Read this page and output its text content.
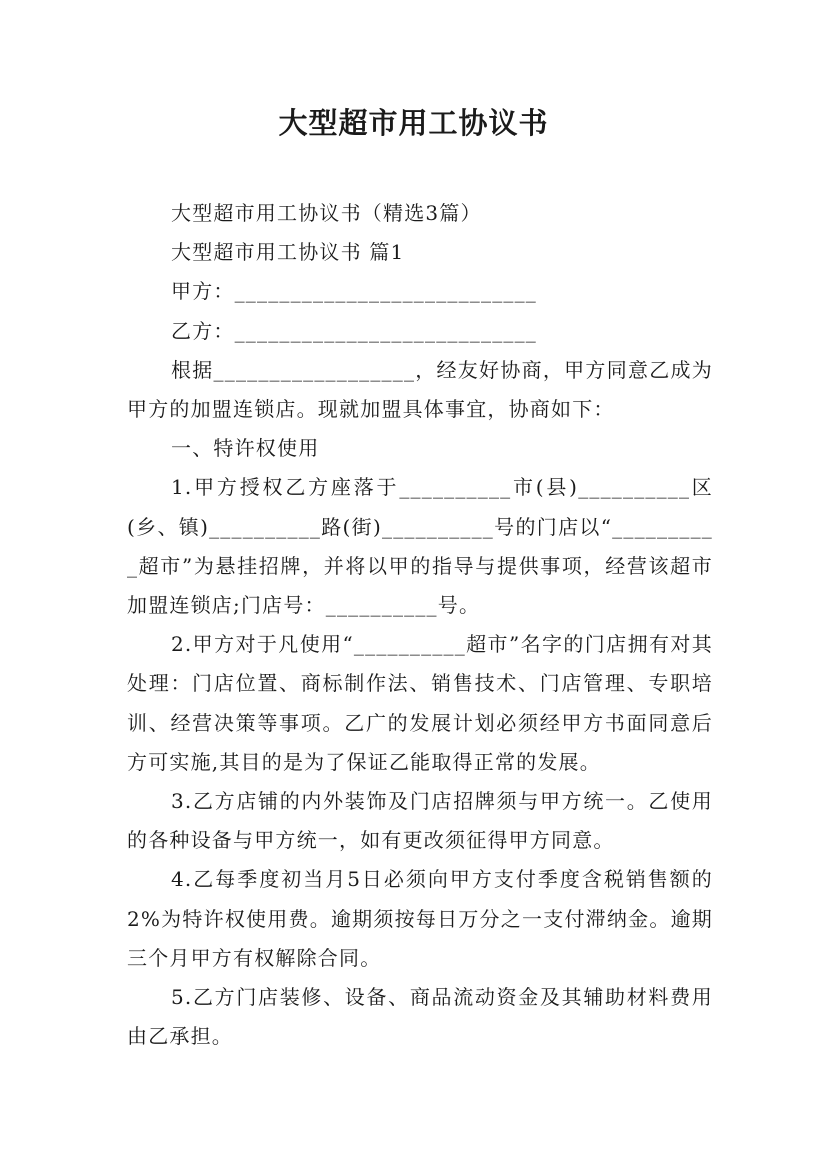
大型超市用工协议书

大型超市用工协议书（精选3篇）

大型超市用工协议书 篇1

甲方：___________________________

乙方：___________________________

根据__________________，经友好协商，甲方同意乙成为甲方的加盟连锁店。现就加盟具体事宜，协商如下：

一、特许权使用

1.甲方授权乙方座落于__________市(县)__________区(乡、镇)__________路(街)__________号的门店以“__________超市”为悬挂招牌，并将以甲的指导与提供事项，经营该超市加盟连锁店;门店号：__________号。

2.甲方对于凡使用“__________超市”名字的门店拥有对其处理：门店位置、商标制作法、销售技术、门店管理、专职培训、经营决策等事项。乙广的发展计划必须经甲方书面同意后方可实施,其目的是为了保证乙能取得正常的发展。

3.乙方店铺的内外装饰及门店招牌须与甲方统一。乙使用的各种设备与甲方统一，如有更改须征得甲方同意。

4.乙每季度初当月5日必须向甲方支付季度含税销售额的2%为特许权使用费。逾期须按每日万分之一支付滞纳金。逾期三个月甲方有权解除合同。

5.乙方门店装修、设备、商品流动资金及其辅助材料费用由乙承担。
